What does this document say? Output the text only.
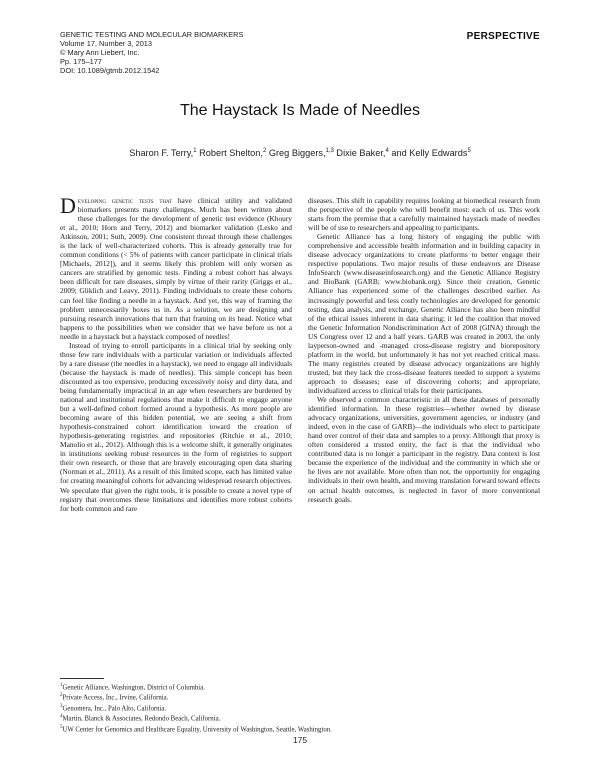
GENETIC TESTING AND MOLECULAR BIOMARKERS
Volume 17, Number 3, 2013
© Mary Ann Liebert, Inc.
Pp. 175–177
DOI: 10.1089/gtmb.2012.1542
PERSPECTIVE
The Haystack Is Made of Needles
Sharon F. Terry,$^1$ Robert Shelton,$^2$ Greg Biggers,$^{1,3}$ Dixie Baker,$^4$ and Kelly Edwards$^5$

Developing genetic tests that have clinical utility and validated biomarkers presents many challenges. Much has been written about these challenges for the development of genetic test evidence (Khoury et al., 2010; Horn and Terry, 2012) and biomarker validation (Lesko and Atkinson, 2001; Suth, 2009). One consistent thread through these challenges is the lack of well-characterized cohorts. This is already generally true for common conditions (< 5% of patients with cancer participate in clinical trials [Michaels, 2012]), and it seems likely this problem will only worsen as cancers are stratified by genomic tests. Finding a robust cohort has always been difficult for rare diseases, simply by virtue of their rarity (Griggs et al., 2009; Gliklich and Leavy, 2011). Finding individuals to create these cohorts can feel like finding a needle in a haystack. And yet, this way of framing the problem unnecessarily boxes us in. As a solution, we are designing and pursuing research innovations that turn that framing on its head. Notice what happens to the possibilities when we consider that we have before us not a needle in a haystack but a haystack composed of needles!

Instead of trying to enroll participants in a clinical trial by seeking only those few rare individuals with a particular variation or individuals affected by a rare disease (the needles in a haystack), we need to engage all individuals (because the haystack is made of needles). This simple concept has been discounted as too expensive, producing excessively noisy and dirty data, and being fundamentally impractical in an age when researchers are burdened by national and institutional regulations that make it difficult to engage anyone but a well-defined cohort formed around a hypothesis. As more people are becoming aware of this hidden potential, we are seeing a shift from hypothesis-constrained cohort identification toward the creation of hypothesis-generating registries and repositories (Ritchie et al., 2010; Manolio et al., 2012). Although this is a welcome shift, it generally originates in institutions seeking robust resources in the form of registries to support their own research, or those that are bravely encouraging open data sharing (Norman et al., 2011). As a result of this limited scope, each has limited value for creating meaningful cohorts for advancing widespread research objectives. We speculate that given the right tools, it is possible to create a novel type of registry that overcomes these limitations and identifies more robust cohorts for both common and rare

diseases. This shift in capability requires looking at biomedical research from the perspective of the people who will benefit most: each of us. This work starts from the premise that a carefully maintained haystack made of needles will be of use to researchers and appealing to participants.

Genetic Alliance has a long history of engaging the public with comprehensive and accessible health information and in building capacity in disease advocacy organizations to create platforms to better engage their respective populations. Two major results of these endeavors are Disease InfoSearch (www.diseaseinfosearch.org) and the Genetic Alliance Registry and BioBank (GARB; www.biobank.org). Since their creation, Genetic Alliance has experienced some of the challenges described earlier. As increasingly powerful and less costly technologies are developed for genomic testing, data analysis, and exchange, Genetic Alliance has also been mindful of the ethical issues inherent in data sharing; it led the coalition that moved the Genetic Information Nondiscrimination Act of 2008 (GINA) through the US Congress over 12 and a half years. GARB was created in 2003, the only layperson-owned and -managed cross-disease registry and biorepository platform in the world, but unfortunately it has not yet reached critical mass. The many registries created by disease advocacy organizations are highly trusted, but they lack the cross-disease features needed to support a systems approach to diseases; ease of discovering cohorts; and appropriate, individualized access to clinical trials for their participants.

We observed a common characteristic in all these databases of personally identified information. In these registries—whether owned by disease advocacy organizations, universities, government agencies, or industry (and indeed, even in the case of GARB)—the individuals who elect to participate hand over control of their data and samples to a proxy. Although that proxy is often considered a trusted entity, the fact is that the individual who contributed data is no longer a participant in the registry. Data context is lost because the experience of the individual and the community in which she or he lives are not available. More often than not, the opportunity for engaging individuals in their own health, and moving translation forward toward effects on actual health outcomes, is neglected in favor of more conventional research goals.

$^1$Genetic Alliance, Washington, District of Columbia.
$^2$Private Access, Inc., Irvine, California.
$^3$Genomera, Inc., Palo Alto, California.
$^4$Martin, Blanck & Associates, Redondo Beach, California.
$^5$UW Center for Genomics and Healthcare Equality, University of Washington, Seattle, Washington.
175
